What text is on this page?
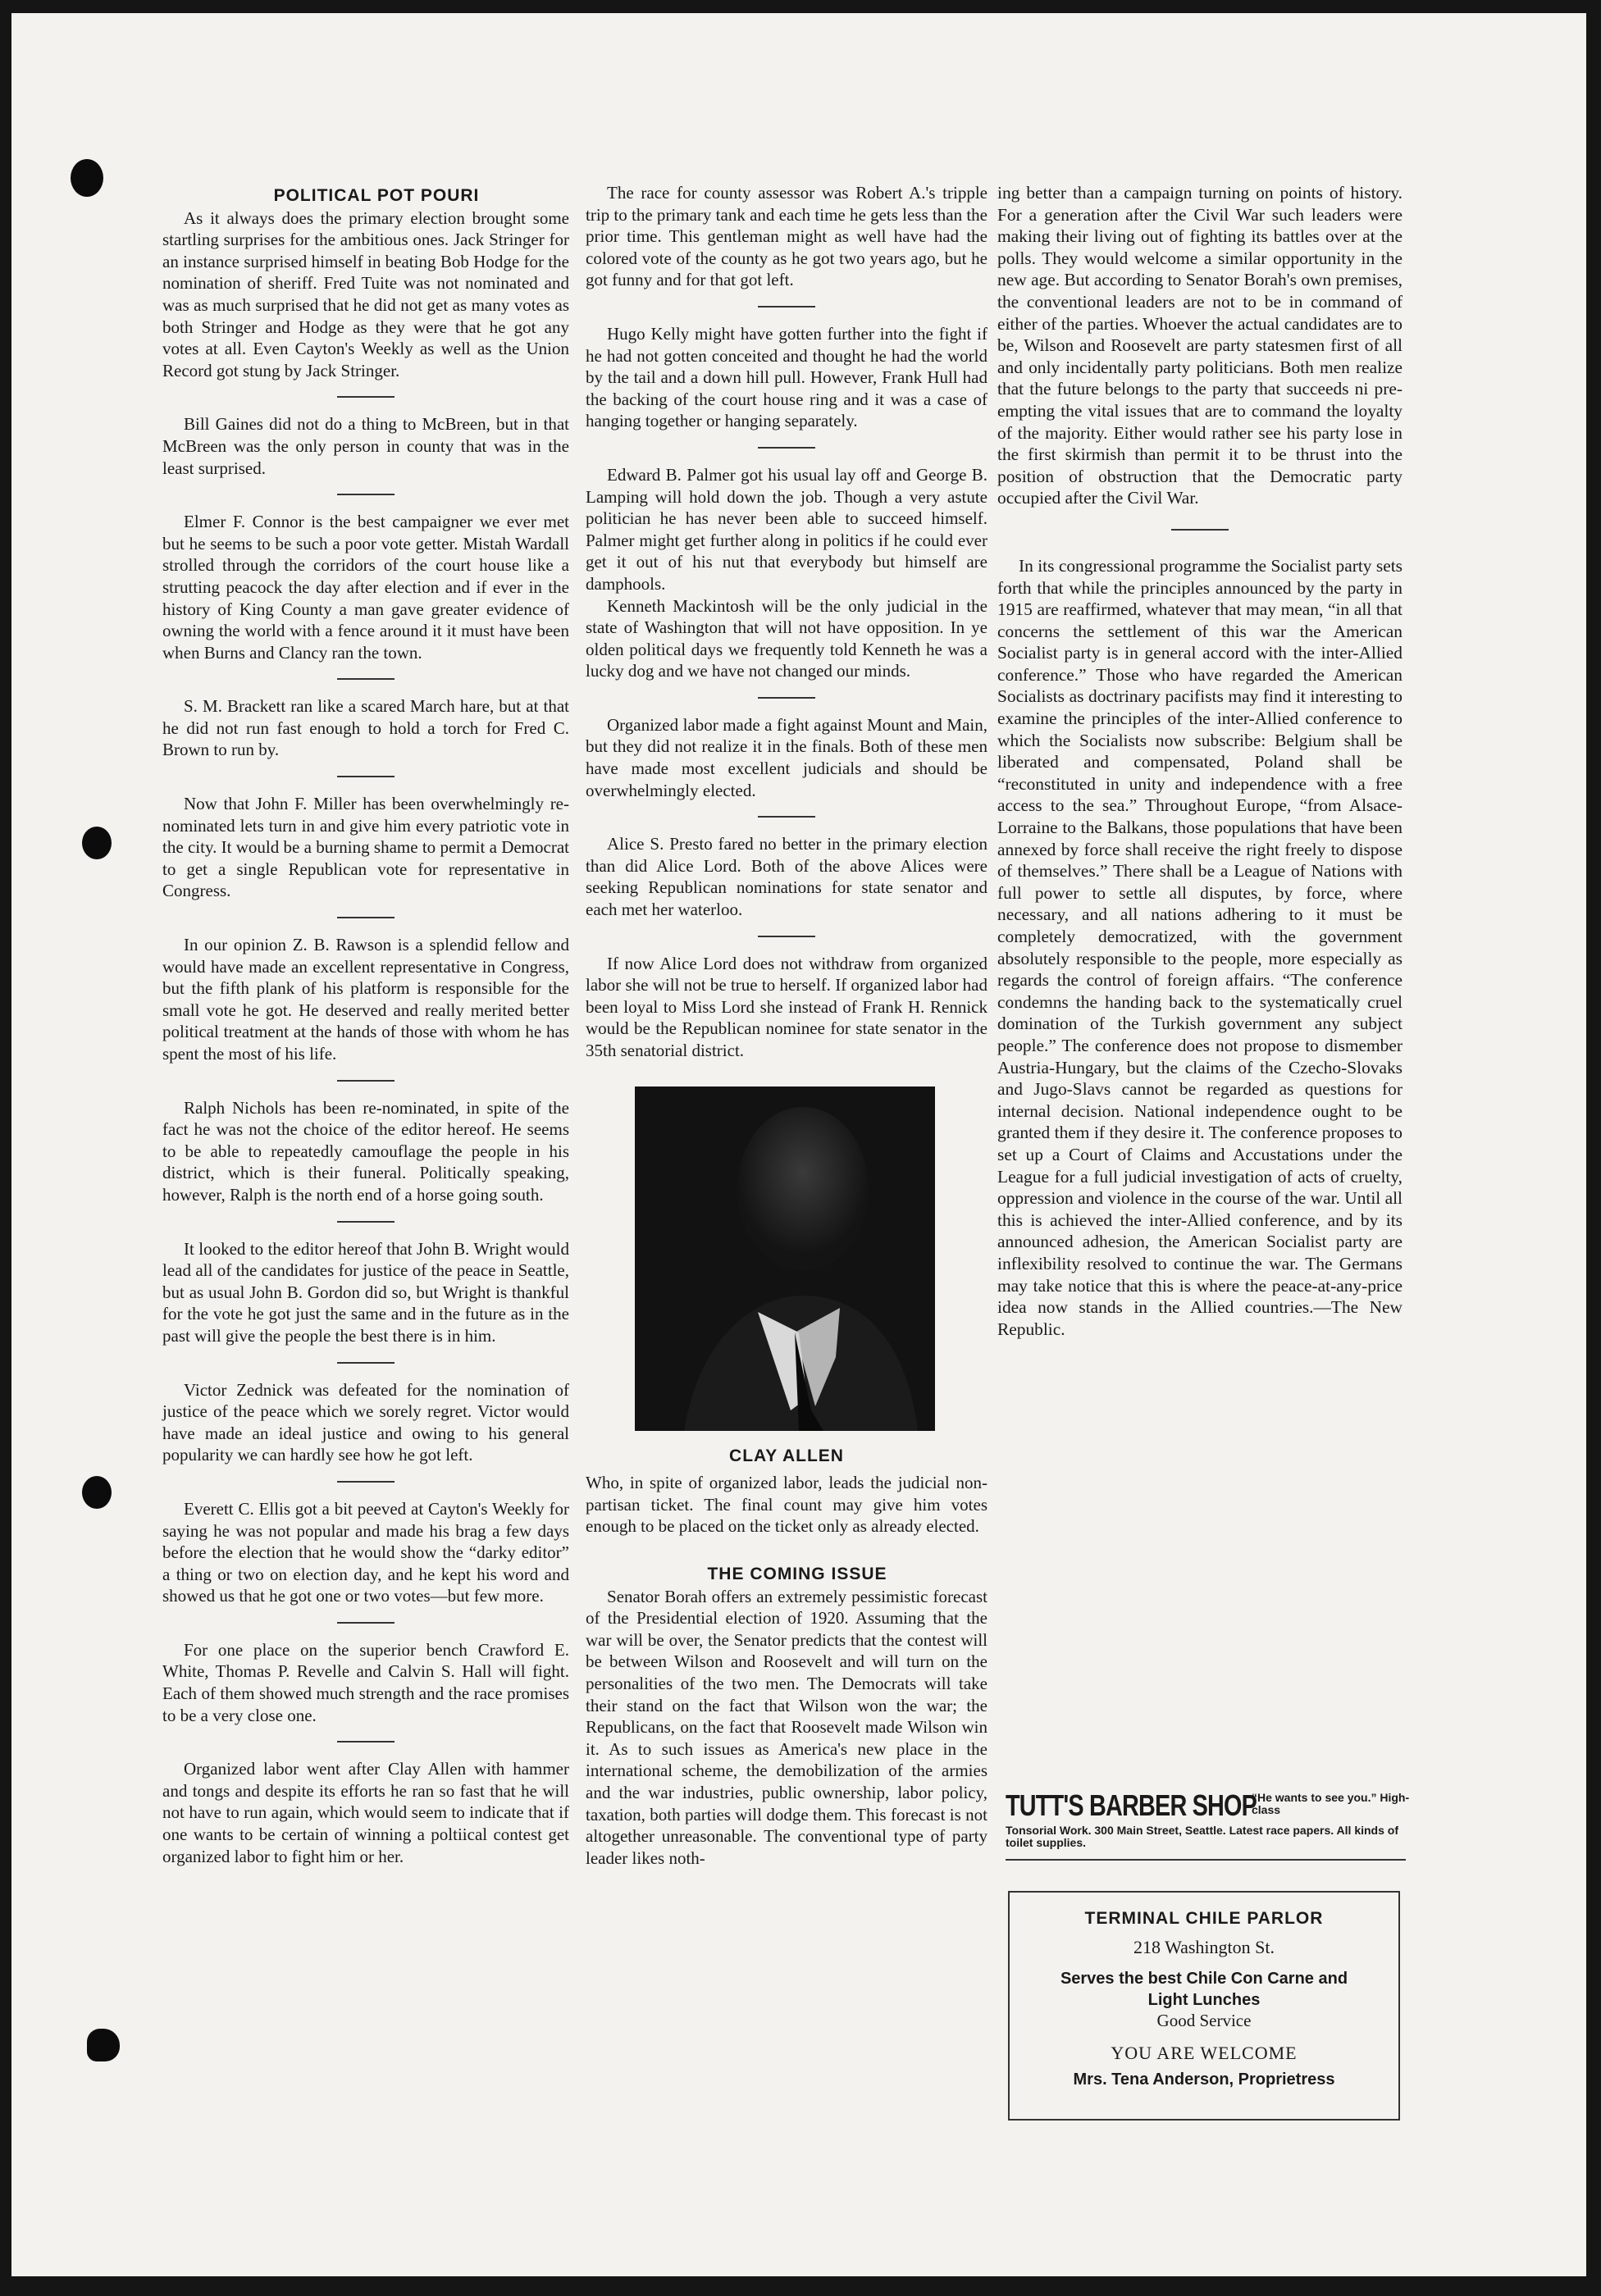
POLITICAL POT POURI

As it always does the primary election brought some startling surprises for the ambitious ones. Jack Stringer for an instance surprised himself in beating Bob Hodge for the nomination of sheriff. Fred Tuite was not nominated and was as much surprised that he did not get as many votes as both Stringer and Hodge as they were that he got any votes at all. Even Cayton's Weekly as well as the Union Record got stung by Jack Stringer.

Bill Gaines did not do a thing to McBreen, but in that McBreen was the only person in county that was in the least surprised.

Elmer F. Connor is the best campaigner we ever met but he seems to be such a poor vote getter. Mistah Wardall strolled through the corridors of the court house like a strutting peacock the day after election and if ever in the history of King County a man gave greater evidence of owning the world with a fence around it it must have been when Burns and Clancy ran the town.

S. M. Brackett ran like a scared March hare, but at that he did not run fast enough to hold a torch for Fred C. Brown to run by.

Now that John F. Miller has been overwhelmingly re-nominated lets turn in and give him every patriotic vote in the city. It would be a burning shame to permit a Democrat to get a single Republican vote for representative in Congress.

In our opinion Z. B. Rawson is a splendid fellow and would have made an excellent representative in Congress, but the fifth plank of his platform is responsible for the small vote he got. He deserved and really merited better political treatment at the hands of those with whom he has spent the most of his life.

Ralph Nichols has been re-nominated, in spite of the fact he was not the choice of the editor hereof. He seems to be able to repeatedly camouflage the people in his district, which is their funeral. Politically speaking, however, Ralph is the north end of a horse going south.

It looked to the editor hereof that John B. Wright would lead all of the candidates for justice of the peace in Seattle, but as usual John B. Gordon did so, but Wright is thankful for the vote he got just the same and in the future as in the past will give the people the best there is in him.

Victor Zednick was defeated for the nomination of justice of the peace which we sorely regret. Victor would have made an ideal justice and owing to his general popularity we can hardly see how he got left.

Everett C. Ellis got a bit peeved at Cayton's Weekly for saying he was not popular and made his brag a few days before the election that he would show the “darky editor” a thing or two on election day, and he kept his word and showed us that he got one or two votes—but few more.

For one place on the superior bench Crawford E. White, Thomas P. Revelle and Calvin S. Hall will fight. Each of them showed much strength and the race promises to be a very close one.

Organized labor went after Clay Allen with hammer and tongs and despite its efforts he ran so fast that he will not have to run again, which would seem to indicate that if one wants to be certain of winning a poltiical contest get organized labor to fight him or her.

The race for county assessor was Robert A.'s tripple trip to the primary tank and each time he gets less than the prior time. This gentleman might as well have had the colored vote of the county as he got two years ago, but he got funny and for that got left.

Hugo Kelly might have gotten further into the fight if he had not gotten conceited and thought he had the world by the tail and a down hill pull. However, Frank Hull had the backing of the court house ring and it was a case of hanging together or hanging separately.

Edward B. Palmer got his usual lay off and George B. Lamping will hold down the job. Though a very astute politician he has never been able to succeed himself. Palmer might get further along in politics if he could ever get it out of his nut that everybody but himself are damphools.

Kenneth Mackintosh will be the only judicial in the state of Washington that will not have opposition. In ye olden political days we frequently told Kenneth he was a lucky dog and we have not changed our minds.

Organized labor made a fight against Mount and Main, but they did not realize it in the finals. Both of these men have made most excellent judicials and should be overwhelmingly elected.

Alice S. Presto fared no better in the primary election than did Alice Lord. Both of the above Alices were seeking Republican nominations for state senator and each met her waterloo.

If now Alice Lord does not withdraw from organized labor she will not be true to herself. If organized labor had been loyal to Miss Lord she instead of Frank H. Rennick would be the Republican nominee for state senator in the 35th senatorial district.

CLAY ALLEN

Who, in spite of organized labor, leads the judicial non-partisan ticket. The final count may give him votes enough to be placed on the ticket only as already elected.

THE COMING ISSUE

Senator Borah offers an extremely pessimistic forecast of the Presidential election of 1920. Assuming that the war will be over, the Senator predicts that the contest will be between Wilson and Roosevelt and will turn on the personalities of the two men. The Democrats will take their stand on the fact that Wilson won the war; the Republicans, on the fact that Roosevelt made Wilson win it. As to such issues as America's new place in the international scheme, the demobilization of the armies and the war industries, public ownership, labor policy, taxation, both parties will dodge them. This forecast is not altogether unreasonable. The conventional type of party leader likes noth-

ing better than a campaign turning on points of history. For a generation after the Civil War such leaders were making their living out of fighting its battles over at the polls. They would welcome a similar opportunity in the new age. But according to Senator Borah's own premises, the conventional leaders are not to be in command of either of the parties. Whoever the actual candidates are to be, Wilson and Roosevelt are party statesmen first of all and only incidentally party politicians. Both men realize that the future belongs to the party that succeeds ni pre-empting the vital issues that are to command the loyalty of the majority. Either would rather see his party lose in the first skirmish than permit it to be thrust into the position of obstruction that the Democratic party occupied after the Civil War.

In its congressional programme the Socialist party sets forth that while the principles announced by the party in 1915 are reaffirmed, whatever that may mean, “in all that concerns the settlement of this war the American Socialist party is in general accord with the inter-Allied conference.” Those who have regarded the American Socialists as doctrinary pacifists may find it interesting to examine the principles of the inter-Allied conference to which the Socialists now subscribe: Belgium shall be liberated and compensated, Poland shall be “reconstituted in unity and independence with a free access to the sea.” Throughout Europe, “from Alsace-Lorraine to the Balkans, those populations that have been annexed by force shall receive the right freely to dispose of themselves.” There shall be a League of Nations with full power to settle all disputes, by force, where necessary, and all nations adhering to it must be completely democratized, with the government absolutely responsible to the people, more especially as regards the control of foreign affairs. “The conference condemns the handing back to the systematically cruel domination of the Turkish government any subject people.” The conference does not propose to dismember Austria-Hungary, but the claims of the Czecho-Slovaks and Jugo-Slavs cannot be regarded as questions for internal decision. National independence ought to be granted them if they desire it. The conference proposes to set up a Court of Claims and Accustations under the League for a full judicial investigation of acts of cruelty, oppression and violence in the course of the war. Until all this is achieved the inter-Allied conference, and by its announced adhesion, the American Socialist party are inflexibility resolved to continue the war. The Germans may take notice that this is where the peace-at-any-price idea now stands in the Allied countries.—The New Republic.

TUTT'S BARBER SHOP
“He wants to see you.” High-class
Tonsorial Work. 300 Main Street, Seattle. Latest race papers. All kinds of toilet supplies.
TERMINAL CHILE PARLOR
218 Washington St.
Serves the best Chile Con Carne and
Light Lunches
Good Service
YOU ARE WELCOME
Mrs. Tena Anderson, Proprietress
